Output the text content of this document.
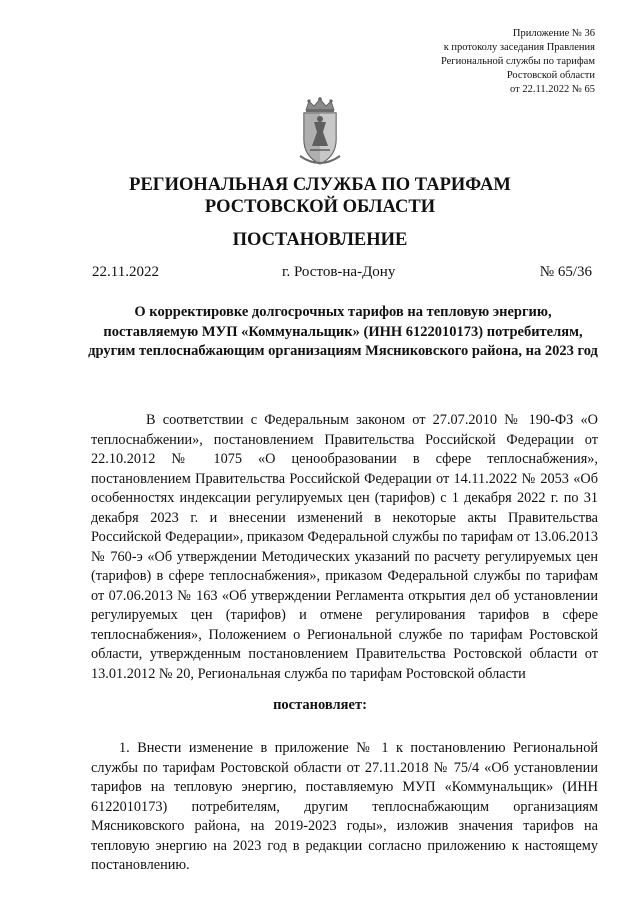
Приложение № 36
к протоколу заседания Правления
Региональной службы по тарифам
Ростовской области
от 22.11.2022 № 65
РЕГИОНАЛЬНАЯ СЛУЖБА ПО ТАРИФАМ
РОСТОВСКОЙ ОБЛАСТИ
ПОСТАНОВЛЕНИЕ
22.11.2022	г. Ростов-на-Дону	№ 65/36
О корректировке долгосрочных тарифов на тепловую энергию, поставляемую МУП «Коммунальщик» (ИНН 6122010173) потребителям, другим теплоснабжающим организациям Мясниковского района, на 2023 год
В соответствии с Федеральным законом от 27.07.2010 № 190-ФЗ «О теплоснабжении», постановлением Правительства Российской Федерации от 22.10.2012 № 1075 «О ценообразовании в сфере теплоснабжения», постановлением Правительства Российской Федерации от 14.11.2022 № 2053 «Об особенностях индексации регулируемых цен (тарифов) с 1 декабря 2022 г. по 31 декабря 2023 г. и внесении изменений в некоторые акты Правительства Российской Федерации», приказом Федеральной службы по тарифам от 13.06.2013 № 760-э «Об утверждении Методических указаний по расчету регулируемых цен (тарифов) в сфере теплоснабжения», приказом Федеральной службы по тарифам от 07.06.2013 № 163 «Об утверждении Регламента открытия дел об установлении регулируемых цен (тарифов) и отмене регулирования тарифов в сфере теплоснабжения», Положением о Региональной службе по тарифам Ростовской области, утвержденным постановлением Правительства Ростовской области от 13.01.2012 № 20, Региональная служба по тарифам Ростовской области
постановляет:
1. Внести изменение в приложение № 1 к постановлению Региональной службы по тарифам Ростовской области от 27.11.2018 № 75/4 «Об установлении тарифов на тепловую энергию, поставляемую МУП «Коммунальщик» (ИНН 6122010173) потребителям, другим теплоснабжающим организациям Мясниковского района, на 2019-2023 годы», изложив значения тарифов на тепловую энергию на 2023 год в редакции согласно приложению к настоящему постановлению.
